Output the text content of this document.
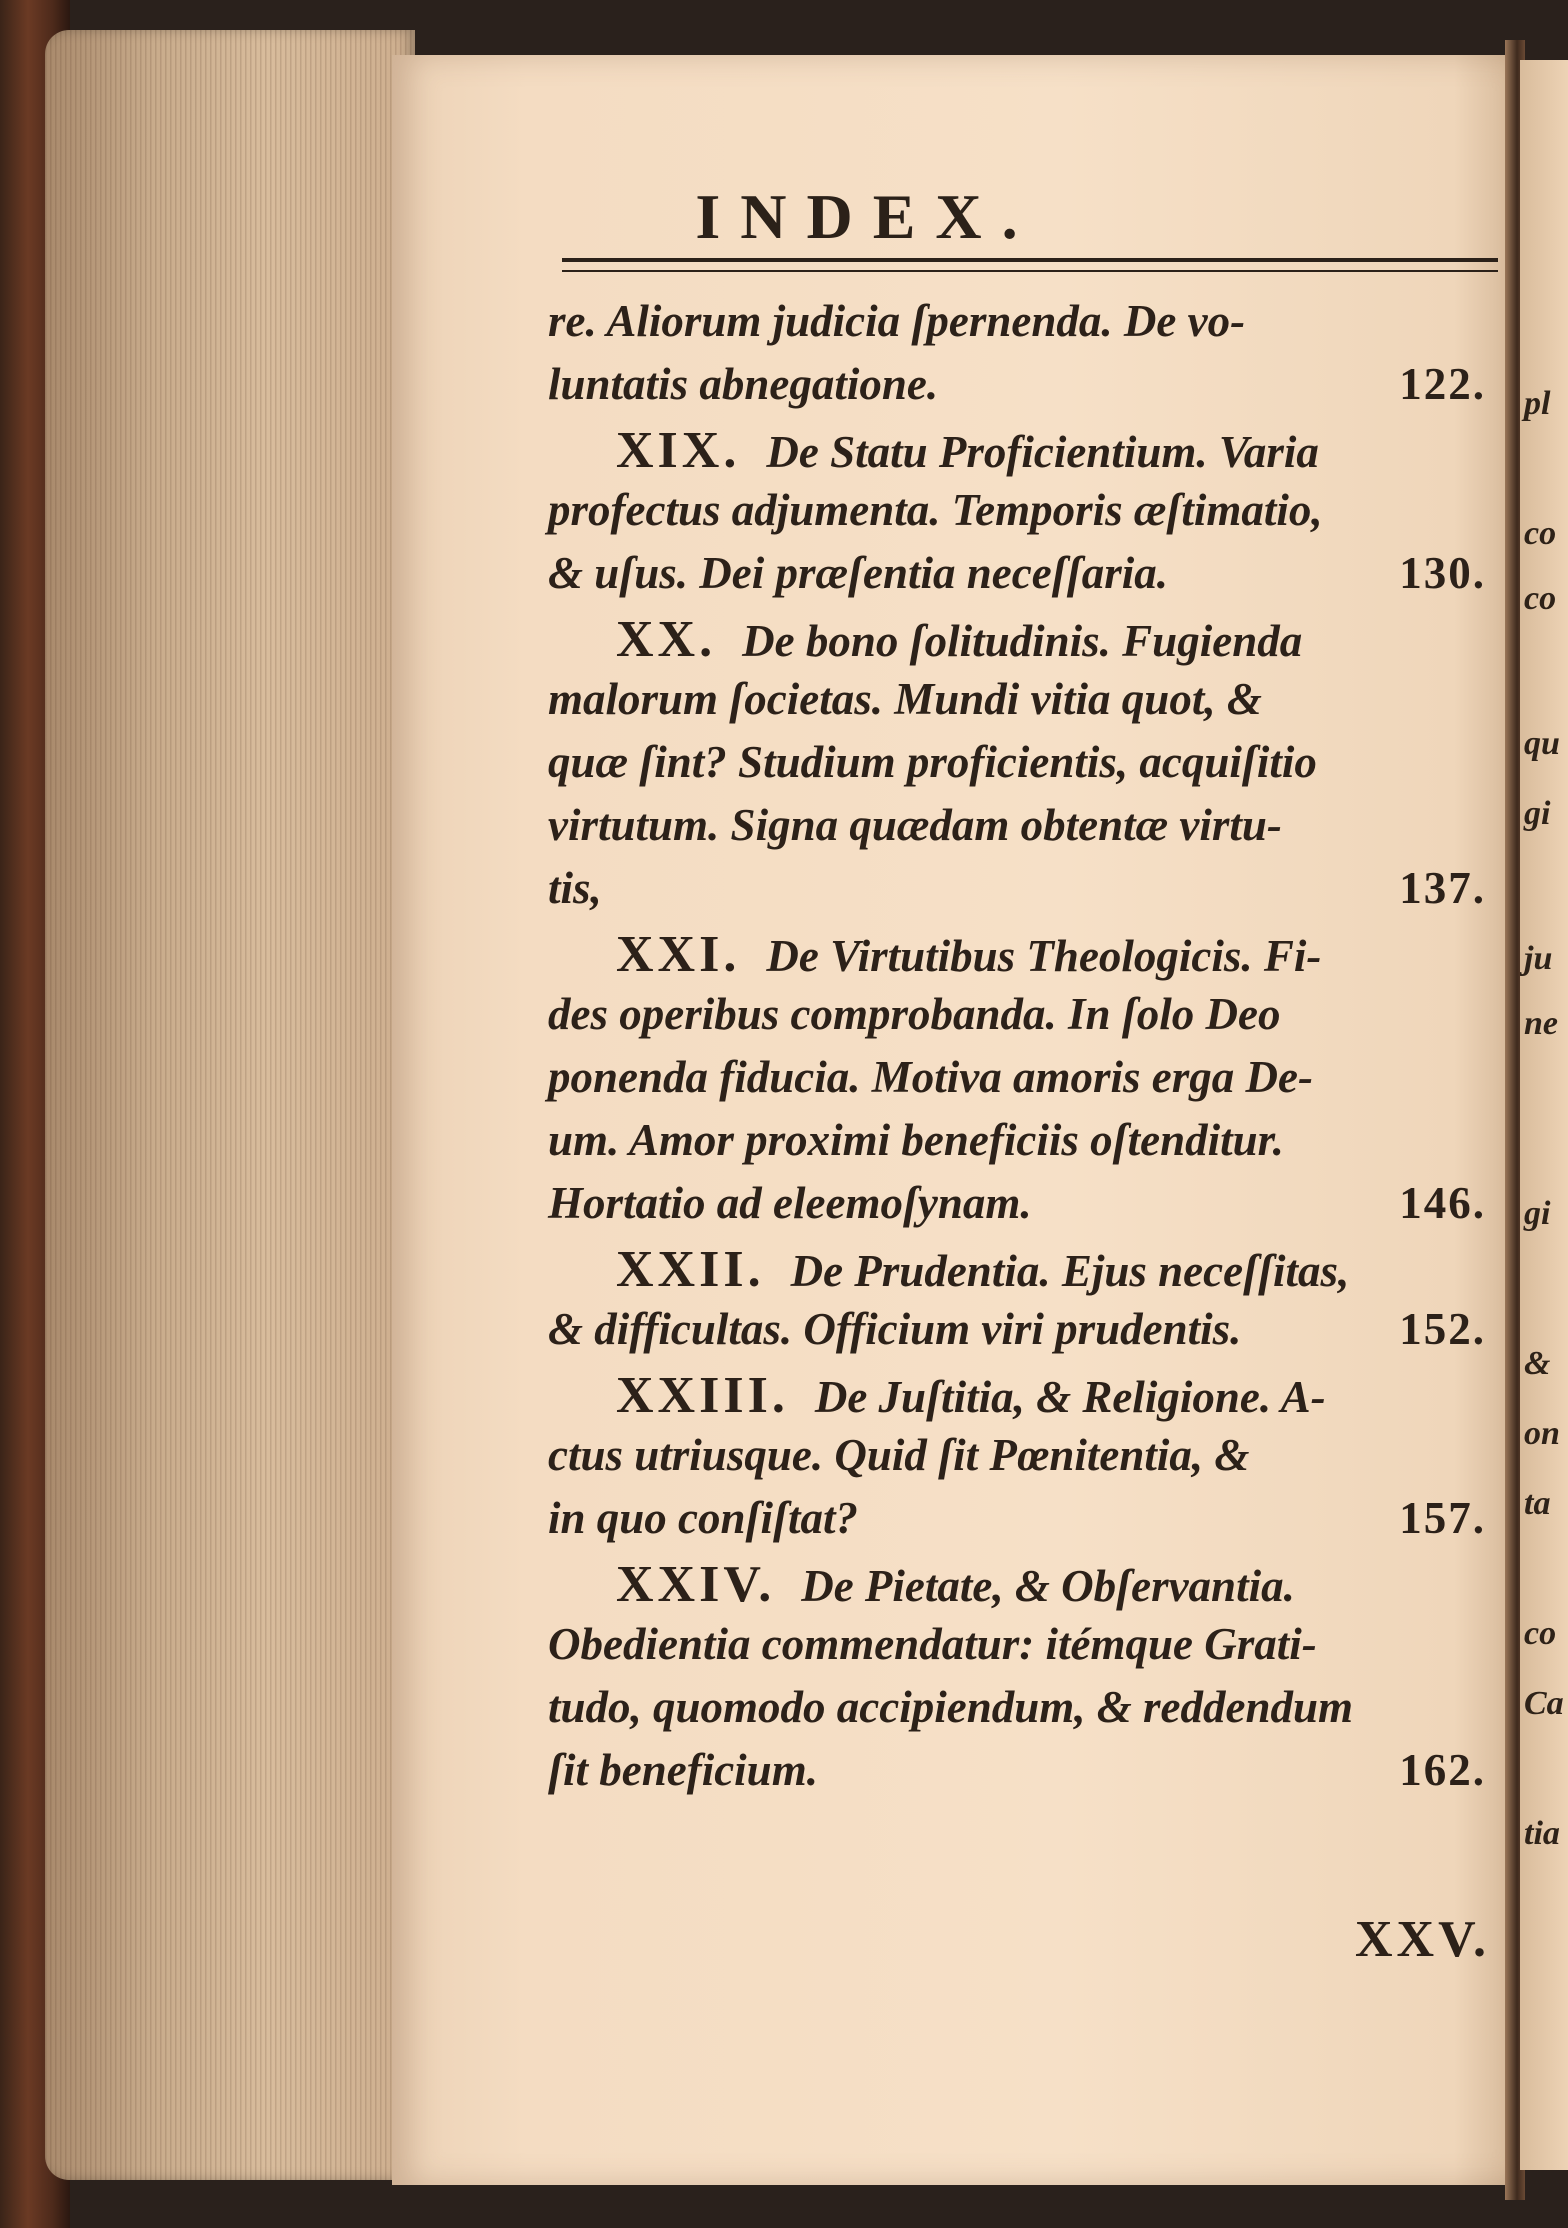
pl
co
co
qu
gi
ju
ne
gi
&
on
ta
co
Ca
tia
INDEX.
re. Aliorum judicia ſpernenda. De vo-
luntatis abnegatione.	122.
XIX. De Statu Proficientium. Varia
profectus adjumenta. Temporis æſtimatio,
& uſus. Dei præſentia neceſſaria.	130.
XX. De bono ſolitudinis. Fugienda
malorum ſocietas. Mundi vitia quot, &
quæ ſint? Studium proficientis, acquiſitio
virtutum. Signa quædam obtentæ virtu-
tis,	137.
XXI. De Virtutibus Theologicis. Fi-
des operibus comprobanda. In ſolo Deo
ponenda fiducia. Motiva amoris erga De-
um. Amor proximi beneficiis oſtenditur.
Hortatio ad eleemoſynam.	146.
XXII. De Prudentia. Ejus neceſſitas,
& difficultas. Officium viri prudentis.	152.
XXIII. De Juſtitia, & Religione. A-
ctus utriusque. Quid ſit Pœnitentia, &
in quo conſiſtat?	157.
XXIV. De Pietate, & Obſervantia.
Obedientia commendatur: itémque Grati-
tudo, quomodo accipiendum, & reddendum
ſit beneficium.	162.
XXV.
